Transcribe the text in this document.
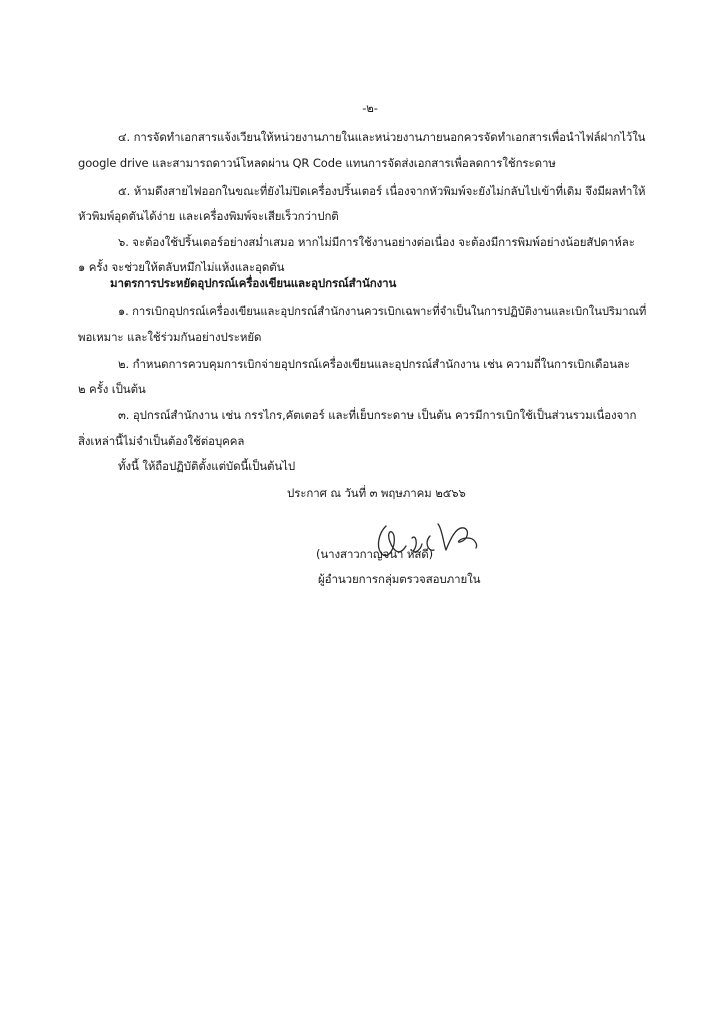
-๒-
๔. การจัดทำเอกสารแจ้งเวียนให้หน่วยงานภายในและหน่วยงานภายนอกควรจัดทำเอกสารเพื่อนำไฟล์ฝากไว้ใน
google drive และสามารถดาวน์โหลดผ่าน QR Code แทนการจัดส่งเอกสารเพื่อลดการใช้กระดาษ
๕. ห้ามดึงสายไฟออกในขณะที่ยังไม่ปิดเครื่องปริ้นเตอร์ เนื่องจากหัวพิมพ์จะยังไม่กลับไปเข้าที่เดิม จึงมีผลทำให้
หัวพิมพ์อุดตันได้ง่าย และเครื่องพิมพ์จะเสียเร็วกว่าปกติ
๖. จะต้องใช้ปริ้นเตอร์อย่างสม่ำเสมอ หากไม่มีการใช้งานอย่างต่อเนื่อง จะต้องมีการพิมพ์อย่างน้อยสัปดาห์ละ
๑ ครั้ง จะช่วยให้ตลับหมึกไม่แห้งและอุดตัน
มาตรการประหยัดอุปกรณ์เครื่องเขียนและอุปกรณ์สำนักงาน
๑. การเบิกอุปกรณ์เครื่องเขียนและอุปกรณ์สำนักงานควรเบิกเฉพาะที่จำเป็นในการปฏิบัติงานและเบิกในปริมาณที่
พอเหมาะ และใช้ร่วมกันอย่างประหยัด
๒. กำหนดการควบคุมการเบิกจ่ายอุปกรณ์เครื่องเขียนและอุปกรณ์สำนักงาน เช่น ความถี่ในการเบิกเดือนละ
๒ ครั้ง เป็นต้น
๓. อุปกรณ์สำนักงาน เช่น กรรไกร,คัตเตอร์ และที่เย็บกระดาษ เป็นต้น ควรมีการเบิกใช้เป็นส่วนรวมเนื่องจาก
สิ่งเหล่านี้ไม่จำเป็นต้องใช้ต่อบุคคล
ทั้งนี้ ให้ถือปฏิบัติตั้งแต่บัดนี้เป็นต้นไป
ประกาศ ณ วันที่ ๓ พฤษภาคม ๒๕๖๖
(นางสาวกาญจนา หัสดี)
ผู้อำนวยการกลุ่มตรวจสอบภายใน
